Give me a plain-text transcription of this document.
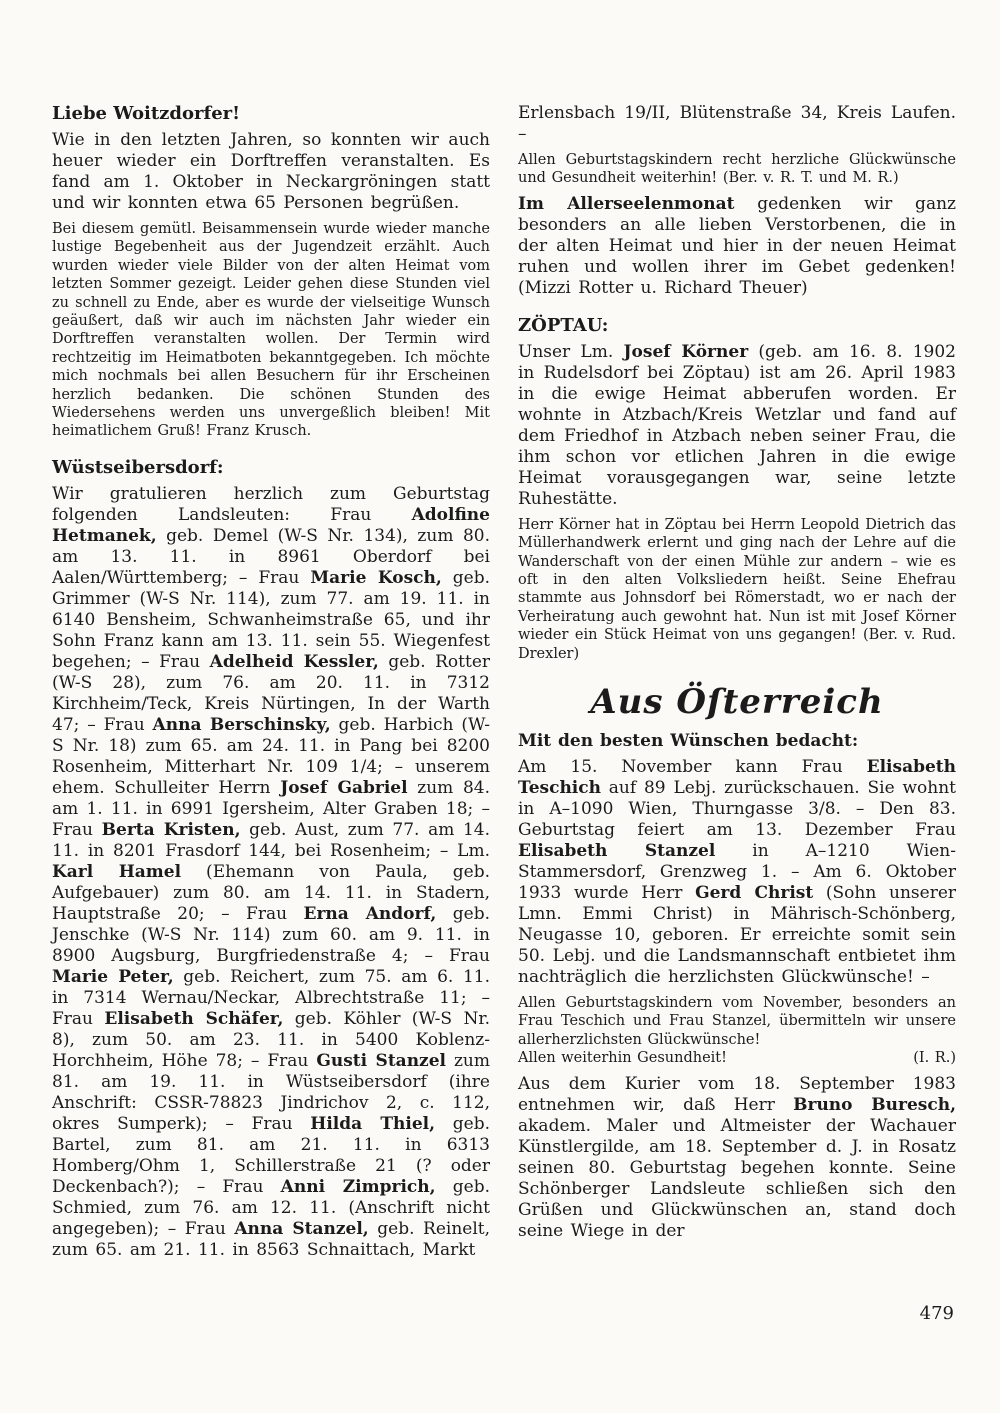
Liebe Woitzdorfer!

Wie in den letzten Jahren, so konnten wir auch heuer wieder ein Dorftreffen veranstalten. Es fand am 1. Oktober in Neckargröningen statt und wir konnten etwa 65 Personen begrüßen.

Bei diesem gemütl. Beisammensein wurde wieder manche lustige Begebenheit aus der Jugendzeit erzählt. Auch wurden wieder viele Bilder von der alten Heimat vom letzten Sommer gezeigt. Leider gehen diese Stunden viel zu schnell zu Ende, aber es wurde der vielseitige Wunsch geäußert, daß wir auch im nächsten Jahr wieder ein Dorftreffen veranstalten wollen. Der Termin wird rechtzeitig im Heimatboten bekanntgegeben. Ich möchte mich nochmals bei allen Besuchern für ihr Erscheinen herzlich bedanken. Die schönen Stunden des Wiedersehens werden uns unvergeßlich bleiben! Mit heimatlichem Gruß! Franz Krusch.

Wüstseibersdorf:

Wir gratulieren herzlich zum Geburtstag folgenden Landsleuten: Frau Adolfine Hetmanek, geb. Demel (W-S Nr. 134), zum 80. am 13. 11. in 8961 Oberdorf bei Aalen/Württemberg; – Frau Marie Kosch, geb. Grimmer (W-S Nr. 114), zum 77. am 19. 11. in 6140 Bensheim, Schwanheimstraße 65, und ihr Sohn Franz kann am 13. 11. sein 55. Wiegenfest begehen; – Frau Adelheid Kessler, geb. Rotter (W-S 28), zum 76. am 20. 11. in 7312 Kirchheim/Teck, Kreis Nürtingen, In der Warth 47; – Frau Anna Berschinsky, geb. Harbich (W-S Nr. 18) zum 65. am 24. 11. in Pang bei 8200 Rosenheim, Mitterhart Nr. 109 1/4; – unserem ehem. Schulleiter Herrn Josef Gabriel zum 84. am 1. 11. in 6991 Igersheim, Alter Graben 18; – Frau Berta Kristen, geb. Aust, zum 77. am 14. 11. in 8201 Frasdorf 144, bei Rosenheim; – Lm. Karl Hamel (Ehemann von Paula, geb. Aufgebauer) zum 80. am 14. 11. in Stadern, Hauptstraße 20; – Frau Erna Andorf, geb. Jenschke (W-S Nr. 114) zum 60. am 9. 11. in 8900 Augsburg, Burgfriedenstraße 4; – Frau Marie Peter, geb. Reichert, zum 75. am 6. 11. in 7314 Wernau/Neckar, Albrechtstraße 11; – Frau Elisabeth Schäfer, geb. Köhler (W-S Nr. 8), zum 50. am 23. 11. in 5400 Koblenz-Horchheim, Höhe 78; – Frau Gusti Stanzel zum 81. am 19. 11. in Wüstseibersdorf (ihre Anschrift: CSSR-78823 Jindrichov 2, c. 112, okres Sumperk); – Frau Hilda Thiel, geb. Bartel, zum 81. am 21. 11. in 6313 Homberg/Ohm 1, Schillerstraße 21 (? oder Deckenbach?); – Frau Anni Zimprich, geb. Schmied, zum 76. am 12. 11. (Anschrift nicht angegeben); – Frau Anna Stanzel, geb. Reinelt, zum 65. am 21. 11. in 8563 Schnaittach, Markt

Erlensbach 19/II, Blütenstraße 34, Kreis Laufen. –

Allen Geburtstagskindern recht herzliche Glückwünsche und Gesundheit weiterhin! (Ber. v. R. T. und M. R.)

Im Allerseelenmonat gedenken wir ganz besonders an alle lieben Verstorbenen, die in der alten Heimat und hier in der neuen Heimat ruhen und wollen ihrer im Gebet gedenken! (Mizzi Rotter u. Richard Theuer)

ZÖPTAU:

Unser Lm. Josef Körner (geb. am 16. 8. 1902 in Rudelsdorf bei Zöptau) ist am 26. April 1983 in die ewige Heimat abberufen worden. Er wohnte in Atzbach/Kreis Wetzlar und fand auf dem Friedhof in Atzbach neben seiner Frau, die ihm schon vor etlichen Jahren in die ewige Heimat vorausgegangen war, seine letzte Ruhestätte.

Herr Körner hat in Zöptau bei Herrn Leopold Dietrich das Müllerhandwerk erlernt und ging nach der Lehre auf die Wanderschaft von der einen Mühle zur andern – wie es oft in den alten Volksliedern heißt. Seine Ehefrau stammte aus Johnsdorf bei Römerstadt, wo er nach der Verheiratung auch gewohnt hat. Nun ist mit Josef Körner wieder ein Stück Heimat von uns gegangen! (Ber. v. Rud. Drexler)

Aus Öſterreich
Mit den besten Wünschen bedacht:

Am 15. November kann Frau Elisabeth Teschich auf 89 Lebj. zurückschauen. Sie wohnt in A–1090 Wien, Thurngasse 3/8. – Den 83. Geburtstag feiert am 13. Dezember Frau Elisabeth Stanzel in A–1210 Wien-Stammersdorf, Grenzweg 1. – Am 6. Oktober 1933 wurde Herr Gerd Christ (Sohn unserer Lmn. Emmi Christ) in Mährisch-Schönberg, Neugasse 10, geboren. Er erreichte somit sein 50. Lebj. und die Landsmannschaft entbietet ihm nachträglich die herzlichsten Glückwünsche! –

Allen Geburtstagskindern vom November, besonders an Frau Teschich und Frau Stanzel, übermitteln wir unsere allerherzlichsten Glückwünsche!

Allen weiterhin Gesundheit!	(I. R.)

Aus dem Kurier vom 18. September 1983 entnehmen wir, daß Herr Bruno Buresch, akadem. Maler und Altmeister der Wachauer Künstlergilde, am 18. September d. J. in Rosatz seinen 80. Geburtstag begehen konnte. Seine Schönberger Landsleute schließen sich den Grüßen und Glückwünschen an, stand doch seine Wiege in der

479
